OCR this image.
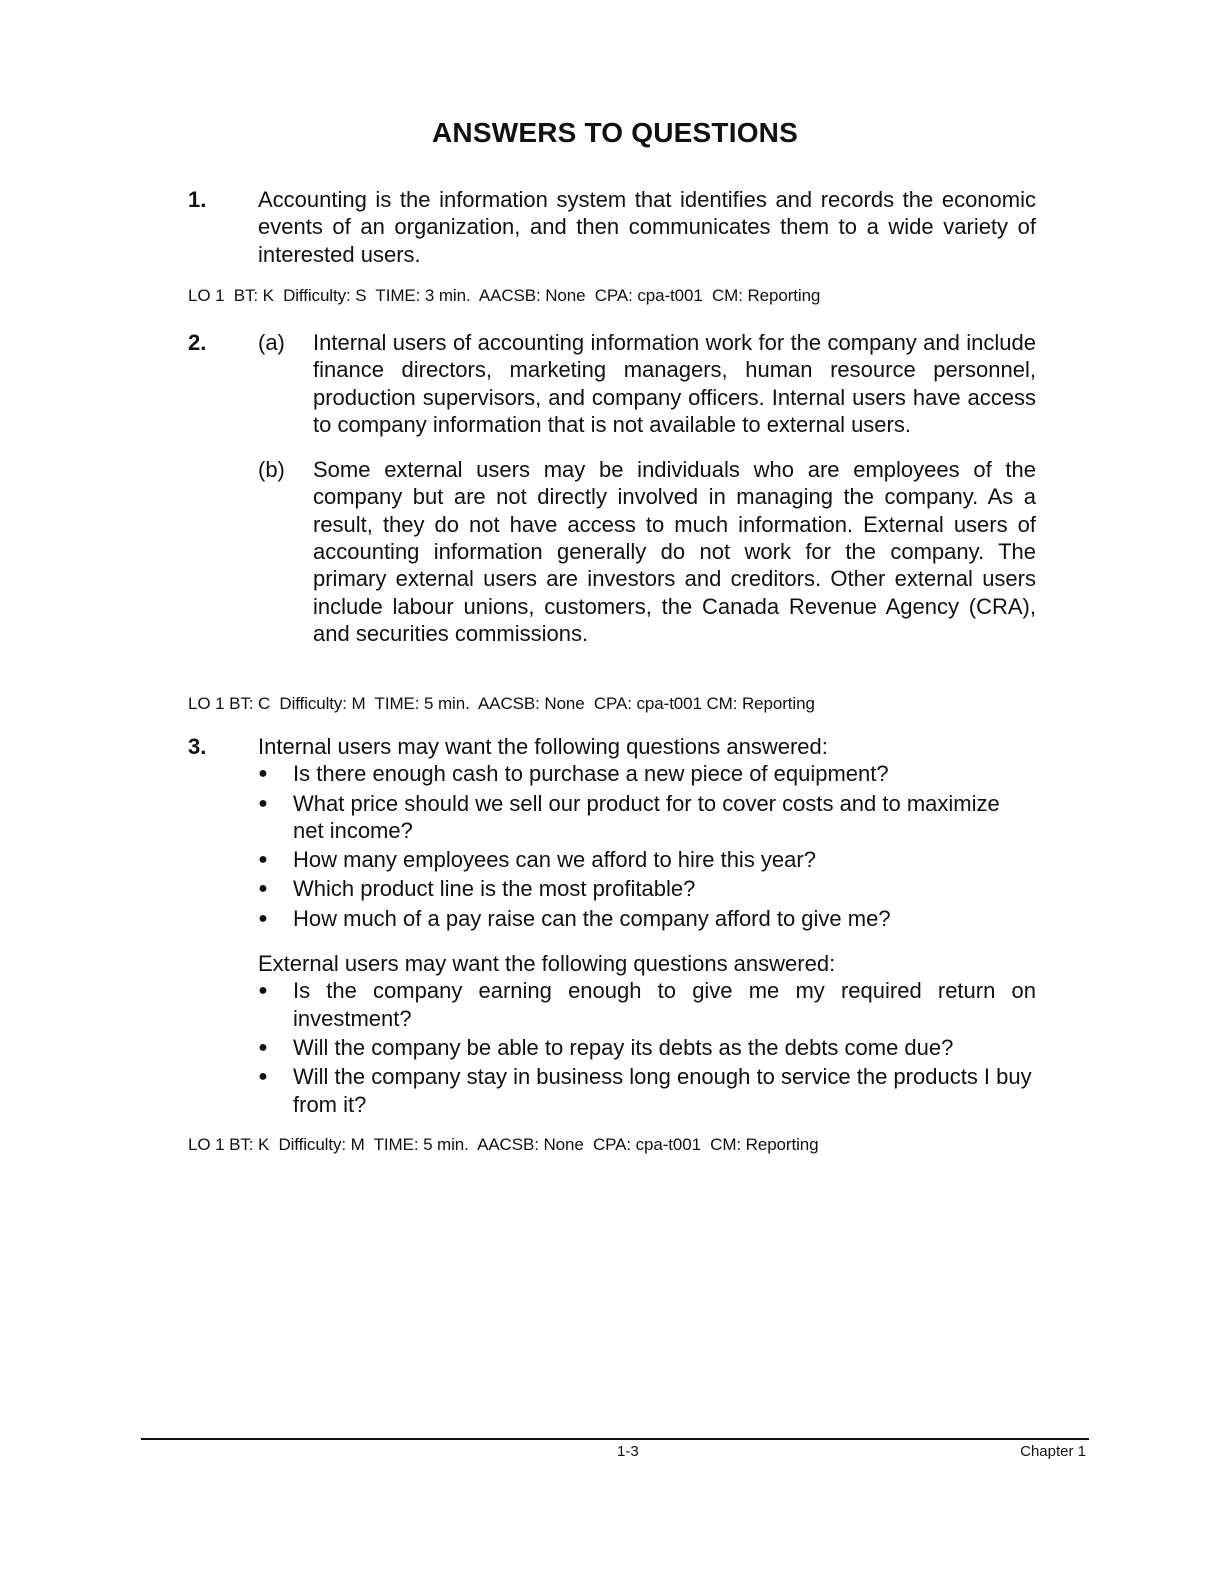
ANSWERS TO QUESTIONS
1. Accounting is the information system that identifies and records the economic events of an organization, and then communicates them to a wide variety of interested users.
LO 1  BT: K  Difficulty: S  TIME: 3 min.  AACSB: None  CPA: cpa-t001  CM: Reporting
2. (a) Internal users of accounting information work for the company and include finance directors, marketing managers, human resource personnel, production supervisors, and company officers. Internal users have access to company information that is not available to external users.
(b) Some external users may be individuals who are employees of the company but are not directly involved in managing the company. As a result, they do not have access to much information. External users of accounting information generally do not work for the company. The primary external users are investors and creditors. Other external users include labour unions, customers, the Canada Revenue Agency (CRA), and securities commissions.
LO 1 BT: C  Difficulty: M  TIME: 5 min.  AACSB: None  CPA: cpa-t001 CM: Reporting
3. Internal users may want the following questions answered:
● Is there enough cash to purchase a new piece of equipment?
● What price should we sell our product for to cover costs and to maximize net income?
● How many employees can we afford to hire this year?
● Which product line is the most profitable?
● How much of a pay raise can the company afford to give me?
External users may want the following questions answered:
● Is the company earning enough to give me my required return on investment?
● Will the company be able to repay its debts as the debts come due?
● Will the company stay in business long enough to service the products I buy from it?
LO 1 BT: K  Difficulty: M  TIME: 5 min.  AACSB: None  CPA: cpa-t001  CM: Reporting
1-3	Chapter 1
